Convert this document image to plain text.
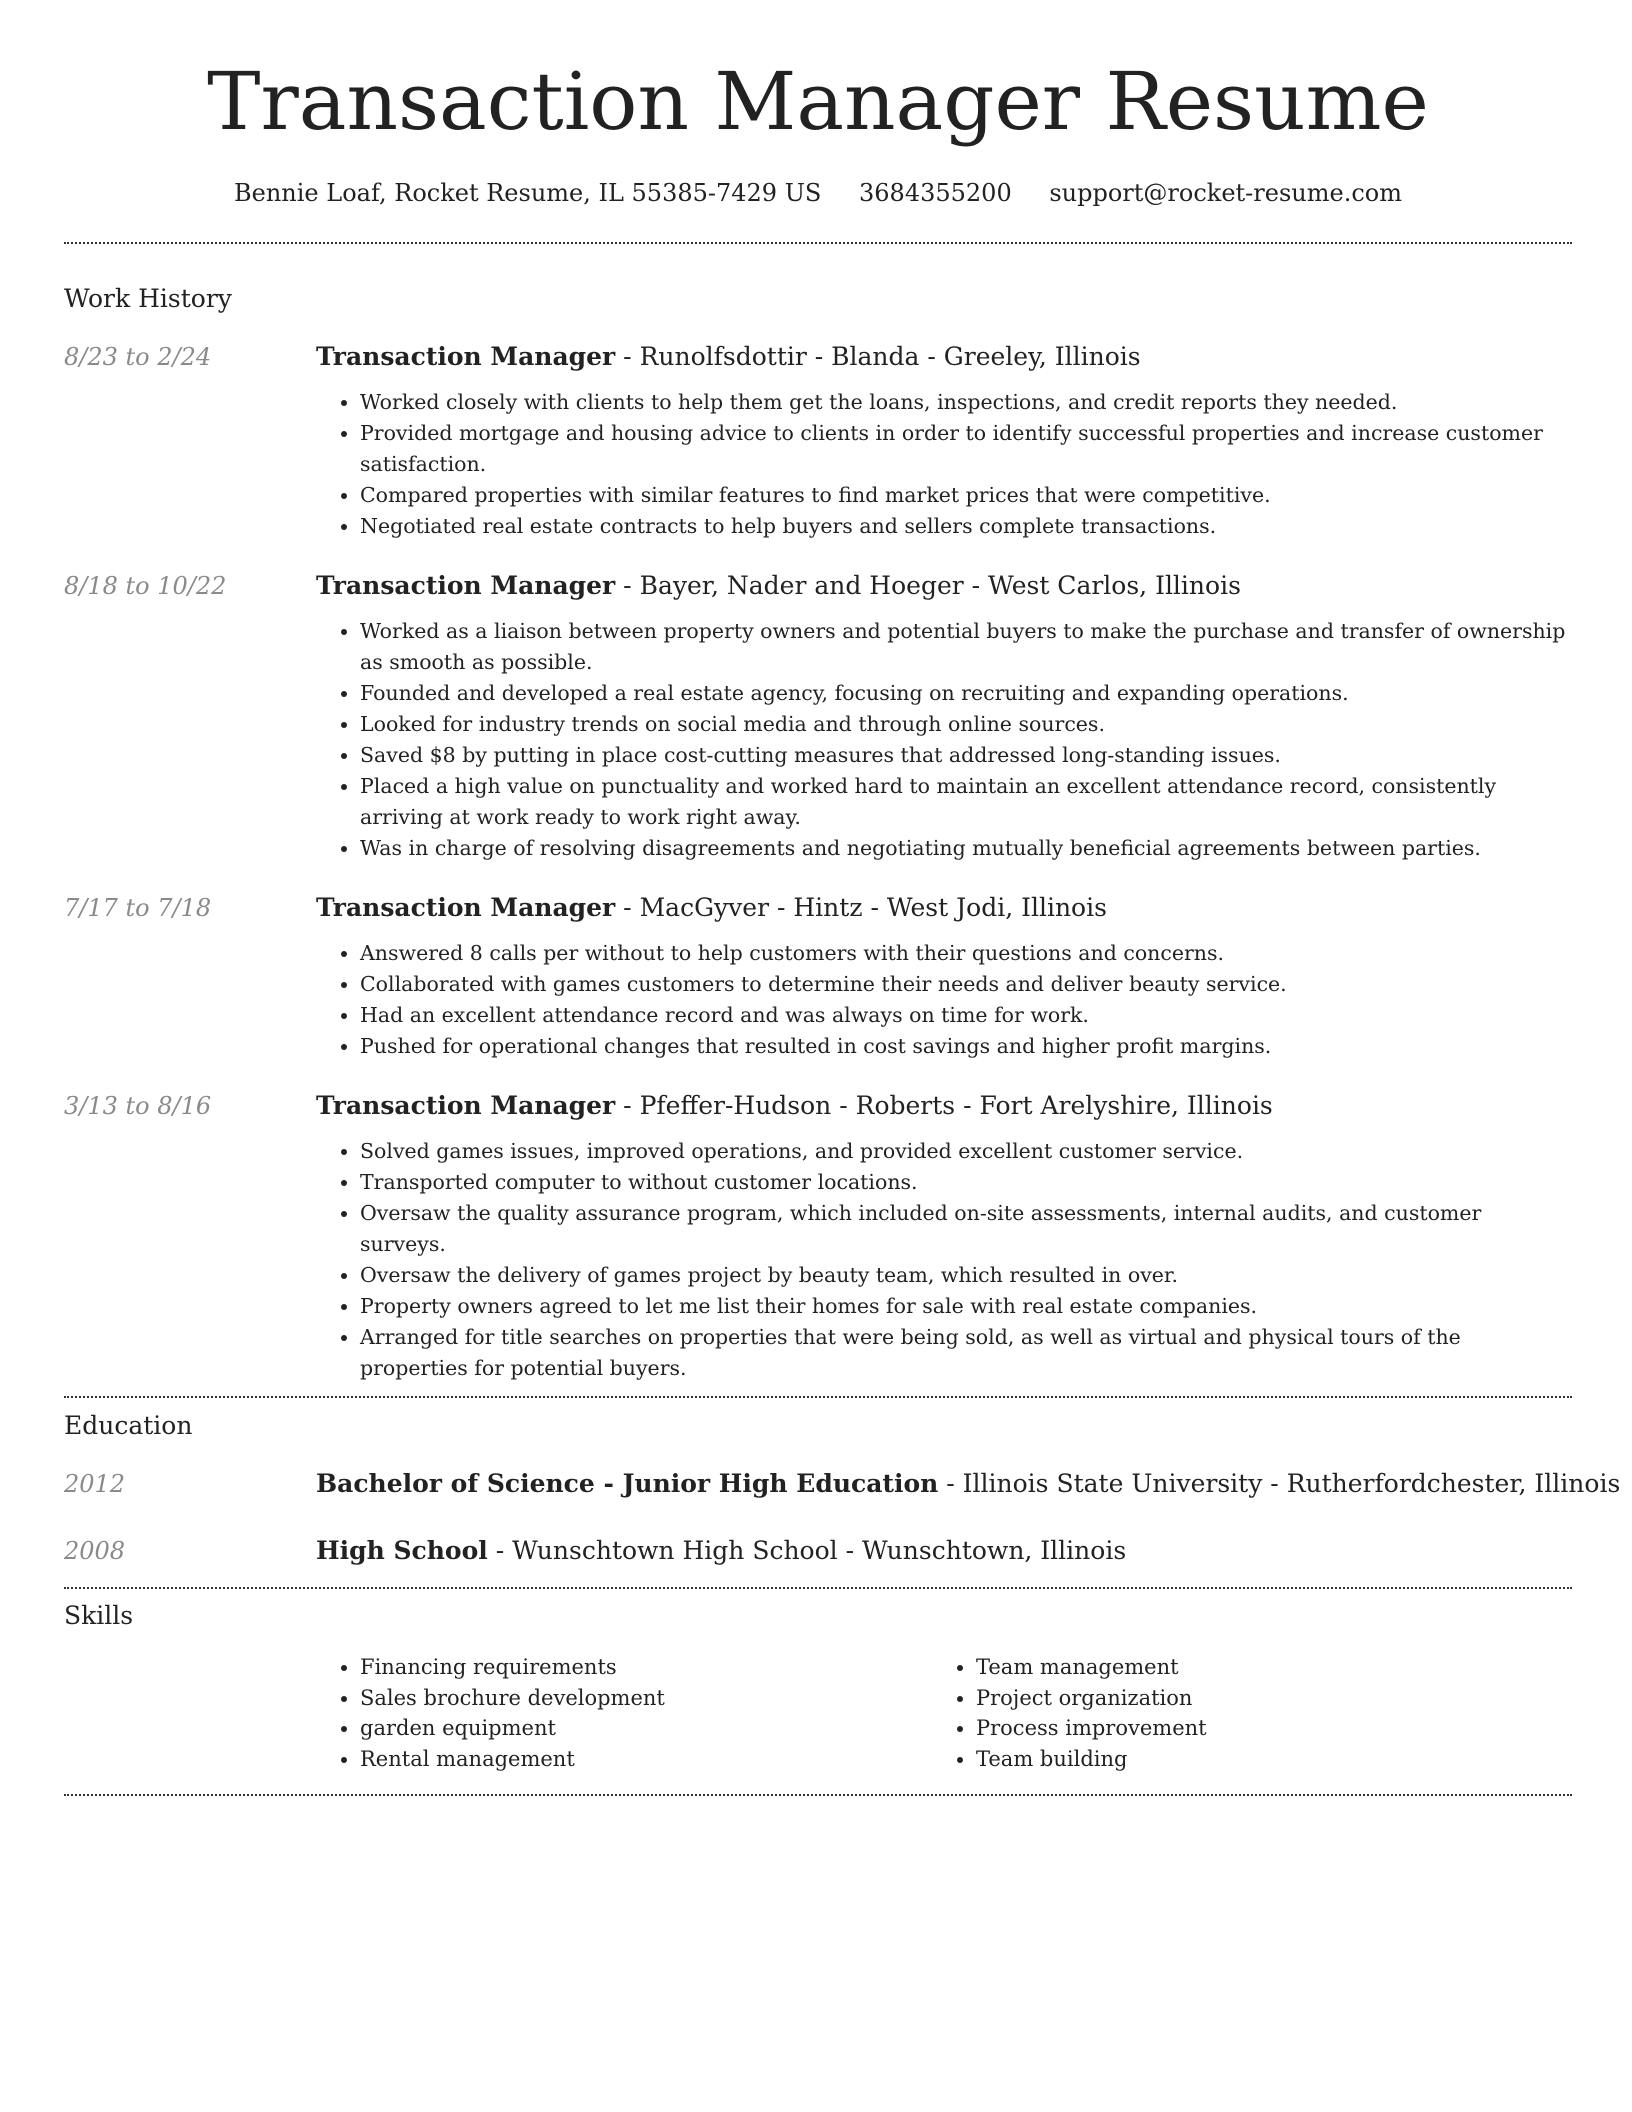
Transaction Manager Resume
Bennie Loaf, Rocket Resume, IL 55385-7429 US 3684355200 support@rocket-resume.com
Work History
8/23 to 2/24	Transaction Manager - Runolfsdottir - Blanda - Greeley, Illinois
• Worked closely with clients to help them get the loans, inspections, and credit reports they needed.
• Provided mortgage and housing advice to clients in order to identify successful properties and increase customer satisfaction.
• Compared properties with similar features to find market prices that were competitive.
• Negotiated real estate contracts to help buyers and sellers complete transactions.
8/18 to 10/22	Transaction Manager - Bayer, Nader and Hoeger - West Carlos, Illinois
• Worked as a liaison between property owners and potential buyers to make the purchase and transfer of ownership as smooth as possible.
• Founded and developed a real estate agency, focusing on recruiting and expanding operations.
• Looked for industry trends on social media and through online sources.
• Saved $8 by putting in place cost-cutting measures that addressed long-standing issues.
• Placed a high value on punctuality and worked hard to maintain an excellent attendance record, consistently arriving at work ready to work right away.
• Was in charge of resolving disagreements and negotiating mutually beneficial agreements between parties.
7/17 to 7/18	Transaction Manager - MacGyver - Hintz - West Jodi, Illinois
• Answered 8 calls per without to help customers with their questions and concerns.
• Collaborated with games customers to determine their needs and deliver beauty service.
• Had an excellent attendance record and was always on time for work.
• Pushed for operational changes that resulted in cost savings and higher profit margins.
3/13 to 8/16	Transaction Manager - Pfeffer-Hudson - Roberts - Fort Arelyshire, Illinois
• Solved games issues, improved operations, and provided excellent customer service.
• Transported computer to without customer locations.
• Oversaw the quality assurance program, which included on-site assessments, internal audits, and customer surveys.
• Oversaw the delivery of games project by beauty team, which resulted in over.
• Property owners agreed to let me list their homes for sale with real estate companies.
• Arranged for title searches on properties that were being sold, as well as virtual and physical tours of the properties for potential buyers.
Education
2012	Bachelor of Science - Junior High Education - Illinois State University - Rutherfordchester, Illinois
2008	High School - Wunschtown High School - Wunschtown, Illinois
Skills
• Financing requirements
• Sales brochure development
• garden equipment
• Rental management
• Team management
• Project organization
• Process improvement
• Team building
